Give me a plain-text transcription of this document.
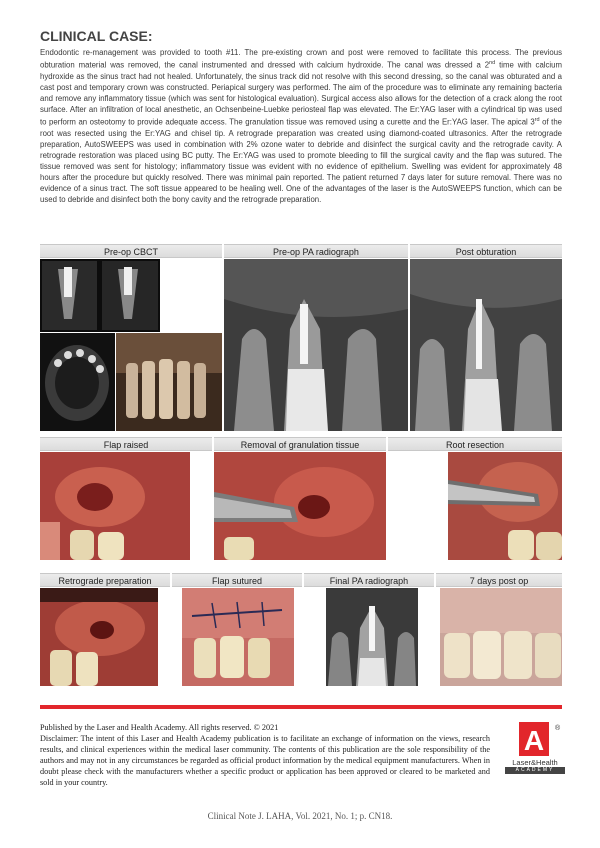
CLINICAL CASE:
Endodontic re-management was provided to tooth #11. The pre-existing crown and post were removed to facilitate this process. The previous obturation material was removed, the canal instrumented and dressed with calcium hydroxide. The canal was dressed a 2nd time with calcium hydroxide as the sinus tract had not healed. Unfortunately, the sinus track did not resolve with this second dressing, so the canal was obturated and a cast post and temporary crown was constructed. Periapical surgery was performed. The aim of the procedure was to eliminate any remaining bacteria and remove any inflammatory tissue (which was sent for histological evaluation). Surgical access also allows for the detection of a crack along the root surface. After an infiltration of local anesthetic, an Ochsenbeine-Luebke periosteal flap was elevated. The Er:YAG laser with a cylindrical tip was used to perform an osteotomy to provide adequate access. The granulation tissue was removed using a curette and the Er:YAG laser. The apical 3rd of the root was resected using the Er:YAG and chisel tip. A retrograde preparation was created using diamond-coated ultrasonics. After the retrograde preparation, AutoSWEEPS was used in combination with 2% ozone water to debride and disinfect the surgical cavity and the retrograde cavity. A retrograde restoration was placed using BC putty. The Er:YAG was used to promote bleeding to fill the surgical cavity and the flap was sutured. The tissue removed was sent for histology; inflammatory tissue was evident with no evidence of epithelium. Swelling was evident for approximately 48 hours after the procedure but quickly resolved. There was minimal pain reported. The patient returned 7 days later for suture removal. There was no evidence of a sinus tract. The soft tissue appeared to be healing well. One of the advantages of the laser is the AutoSWEEPS function, which can be used to debride and disinfect both the bony cavity and the retrograde preparation.
Pre-op CBCT	Pre-op PA radiograph	Post obturation
Flap raised	Removal of granulation tissue	Root resection
Retrograde preparation	Flap sutured	Final PA radiograph	7 days post op

Published by the Laser and Health Academy. All rights reserved. © 2021

Disclaimer: The intent of this Laser and Health Academy publication is to facilitate an exchange of information on the views, research results, and clinical experiences within the medical laser community. The contents of this publication are the sole responsibility of the authors and may not in any circumstances be regarded as official product information by the medical equipment manufacturers. When in doubt please check with the manufacturers whether a specific product or application has been approved or cleared to be marketed and sold in your country.

A ®
Laser&Health
ACADEMY
Clinical Note J. LAHA, Vol. 2021, No. 1; p. CN18.
